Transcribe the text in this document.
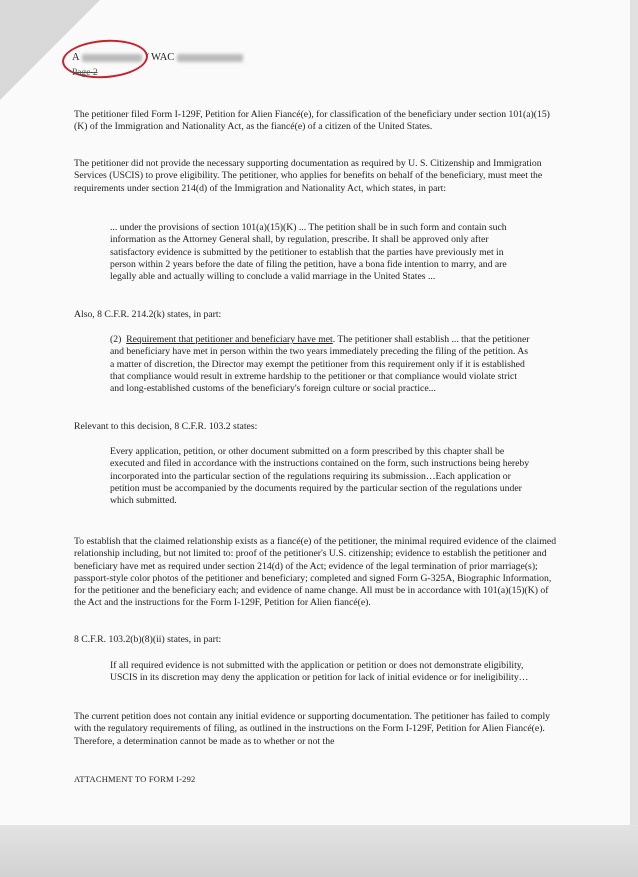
A	/ WAC
Page 2

The petitioner filed Form I-129F, Petition for Alien Fiancé(e), for classification of the beneficiary under section 101(a)(15)(K) of the Immigration and Nationality Act, as the fiancé(e) of a citizen of the United States.

The petitioner did not provide the necessary supporting documentation as required by U. S. Citizenship and Immigration Services (USCIS) to prove eligibility. The petitioner, who applies for benefits on behalf of the beneficiary, must meet the requirements under section 214(d) of the Immigration and Nationality Act, which states, in part:

... under the provisions of section 101(a)(15)(K) ... The petition shall be in such form and contain such information as the Attorney General shall, by regulation, prescribe. It shall be approved only after satisfactory evidence is submitted by the petitioner to establish that the parties have previously met in person within 2 years before the date of filing the petition, have a bona fide intention to marry, and are legally able and actually willing to conclude a valid marriage in the United States ...

Also, 8 C.F.R. 214.2(k) states, in part:

(2) Requirement that petitioner and beneficiary have met. The petitioner shall establish ... that the petitioner and beneficiary have met in person within the two years immediately preceding the filing of the petition. As a matter of discretion, the Director may exempt the petitioner from this requirement only if it is established that compliance would result in extreme hardship to the petitioner or that compliance would violate strict and long-established customs of the beneficiary's foreign culture or social practice...

Relevant to this decision, 8 C.F.R. 103.2 states:

Every application, petition, or other document submitted on a form prescribed by this chapter shall be executed and filed in accordance with the instructions contained on the form, such instructions being hereby incorporated into the particular section of the regulations requiring its submission…Each application or petition must be accompanied by the documents required by the particular section of the regulations under which submitted.

To establish that the claimed relationship exists as a fiancé(e) of the petitioner, the minimal required evidence of the claimed relationship including, but not limited to: proof of the petitioner's U.S. citizenship; evidence to establish the petitioner and beneficiary have met as required under section 214(d) of the Act; evidence of the legal termination of prior marriage(s); passport-style color photos of the petitioner and beneficiary; completed and signed Form G-325A, Biographic Information, for the petitioner and the beneficiary each; and evidence of name change. All must be in accordance with 101(a)(15)(K) of the Act and the instructions for the Form I-129F, Petition for Alien fiancé(e).

8 C.F.R. 103.2(b)(8)(ii) states, in part:

If all required evidence is not submitted with the application or petition or does not demonstrate eligibility, USCIS in its discretion may deny the application or petition for lack of initial evidence or for ineligibility…

The current petition does not contain any initial evidence or supporting documentation. The petitioner has failed to comply with the regulatory requirements of filing, as outlined in the instructions on the Form I-129F, Petition for Alien Fiancé(e). Therefore, a determination cannot be made as to whether or not the

ATTACHMENT TO FORM I-292
